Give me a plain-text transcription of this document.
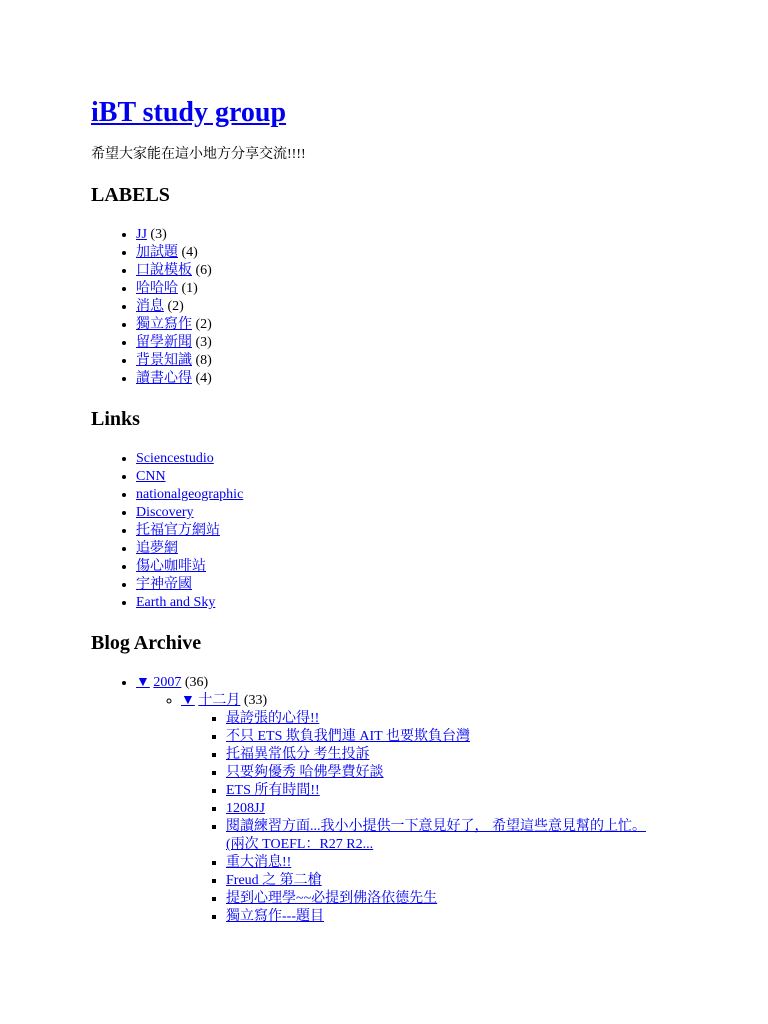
iBT study group

希望大家能在這小地方分享交流!!!!

LABELS
• JJ (3)
• 加試題 (4)
• 口說模板 (6)
• 哈哈哈 (1)
• 消息 (2)
• 獨立寫作 (2)
• 留學新聞 (3)
• 背景知識 (8)
• 讀書心得 (4)
Links
• Sciencestudio
• CNN
• nationalgeographic
• Discovery
• 托福官方網站
• 追夢網
• 傷心咖啡站
• 宇神帝國
• Earth and Sky
Blog Archive
• ▼ 2007 (36)
◦ ▼ 十二月 (33)
▪ 最誇張的心得!!
▪ 不只 ETS 欺負我們連 AIT 也要欺負台灣
▪ 托福異常低分 考生投訴
▪ 只要夠優秀 哈佛學費好談
▪ ETS 所有時間!!
▪ 1208JJ
▪ 閱讀練習方面...我小小提供一下意見好了， 希望這些意見幫的上忙。 (兩次 TOEFL：R27 R2...
▪ 重大消息!!
▪ Freud 之 第二槍
▪ 提到心理學~~必提到佛洛依德先生
▪ 獨立寫作---題目
